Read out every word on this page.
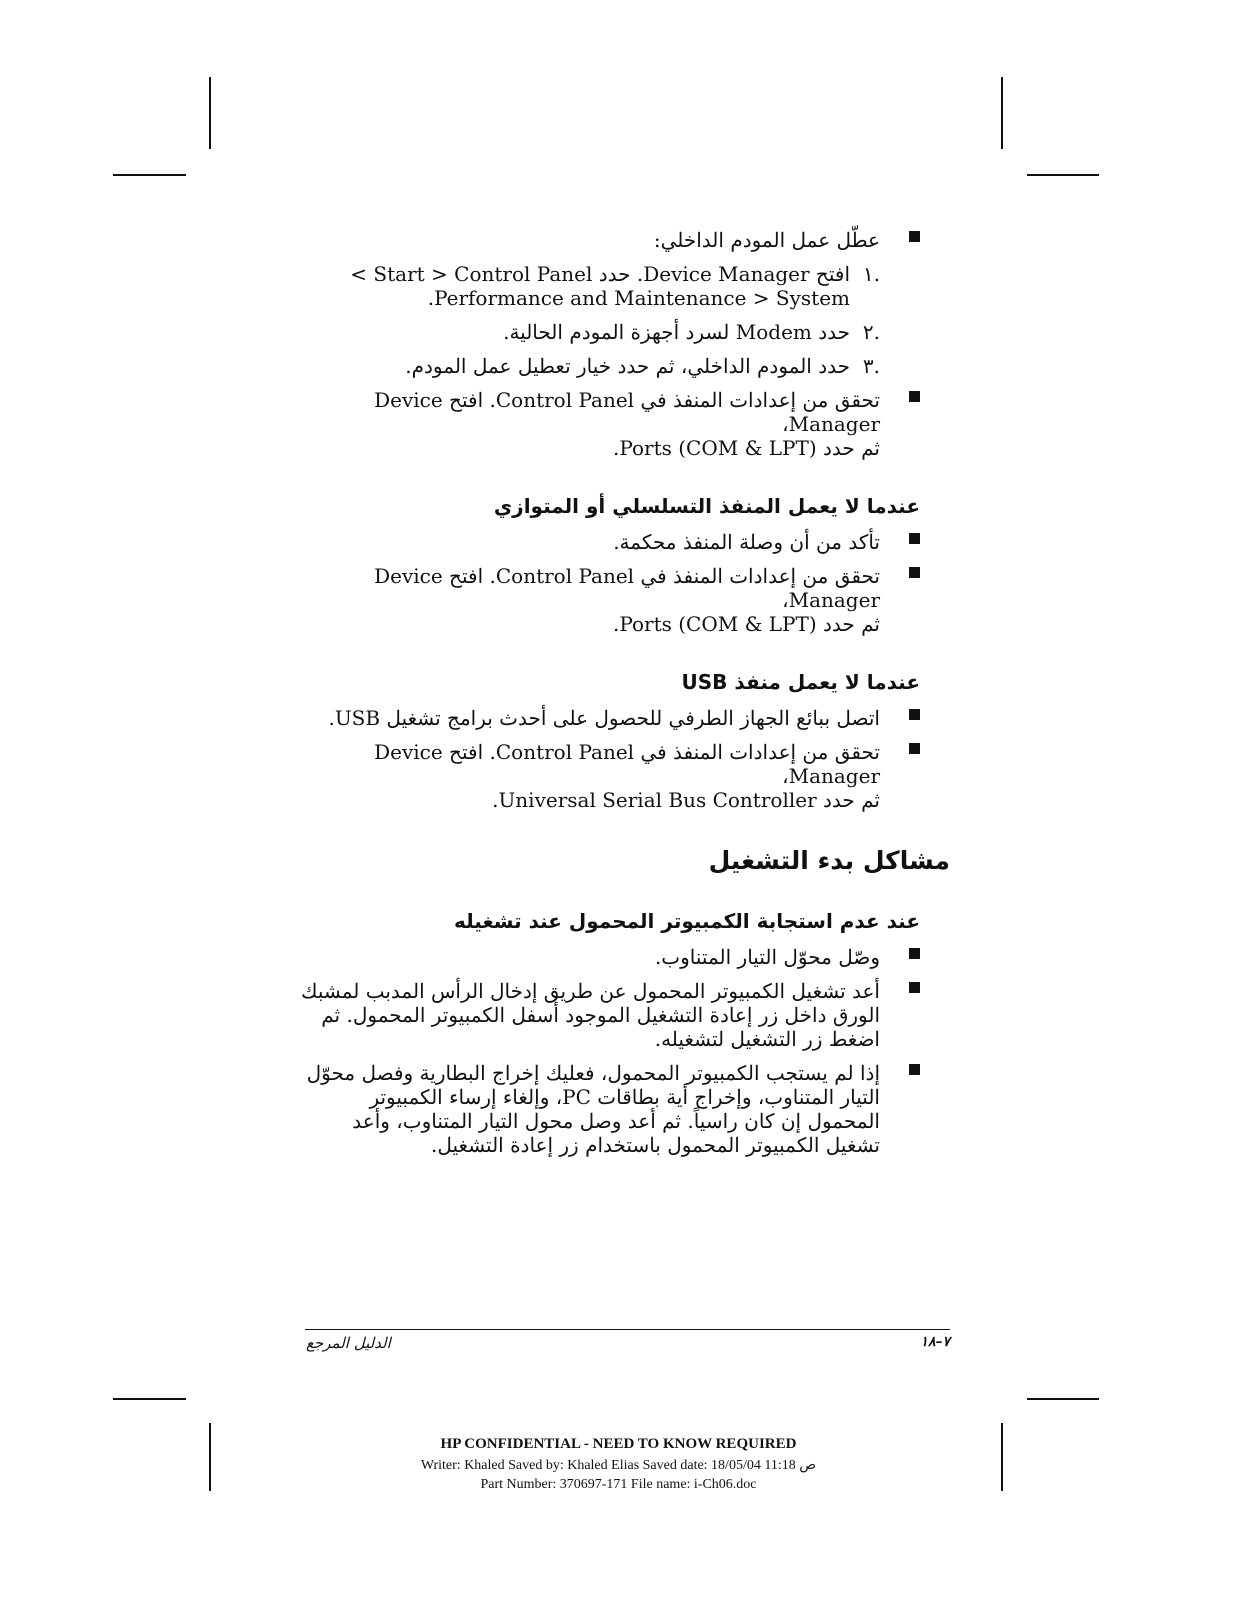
عطّل عمل المودم الداخلي:
.١
افتح Device Manager. حدد Start > Control Panel >
Performance and Maintenance > System.
.٢
حدد Modem لسرد أجهزة المودم الحالية.
.٣
حدد المودم الداخلي، ثم حدد خيار تعطيل عمل المودم.
تحقق من إعدادات المنفذ في Control Panel. افتح Device Manager،
ثم حدد Ports (COM & LPT).
عندما لا يعمل المنفذ التسلسلي أو المتوازي
تأكد من أن وصلة المنفذ محكمة.
تحقق من إعدادات المنفذ في Control Panel. افتح Device Manager،
ثم حدد Ports (COM & LPT).
عندما لا يعمل منفذ USB
اتصل ببائع الجهاز الطرفي للحصول على أحدث برامج تشغيل USB.
تحقق من إعدادات المنفذ في Control Panel. افتح Device Manager،
ثم حدد Universal Serial Bus Controller.
مشاكل بدء التشغيل
عند عدم استجابة الكمبيوتر المحمول عند تشغيله
وصّل محوّل التيار المتناوب.
أعد تشغيل الكمبيوتر المحمول عن طريق إدخال الرأس المدبب لمشبك
الورق داخل زر إعادة التشغيل الموجود أسفل الكمبيوتر المحمول. ثم
اضغط زر التشغيل لتشغيله.
إذا لم يستجب الكمبيوتر المحمول، فعليك إخراج البطارية وفصل محوّل
التيار المتناوب، وإخراج أية بطاقات PC، وإلغاء إرساء الكمبيوتر
المحمول إن كان راسياً. ثم أعد وصل محول التيار المتناوب، وأعد
تشغيل الكمبيوتر المحمول باستخدام زر إعادة التشغيل.
الدليل المرجع	٧–١٨
HP CONFIDENTIAL - NEED TO KNOW REQUIRED
Writer: Khaled Saved by: Khaled Elias Saved date: 18/05/04 11:18 ص
Part Number: 370697-171 File name: i-Ch06.doc
